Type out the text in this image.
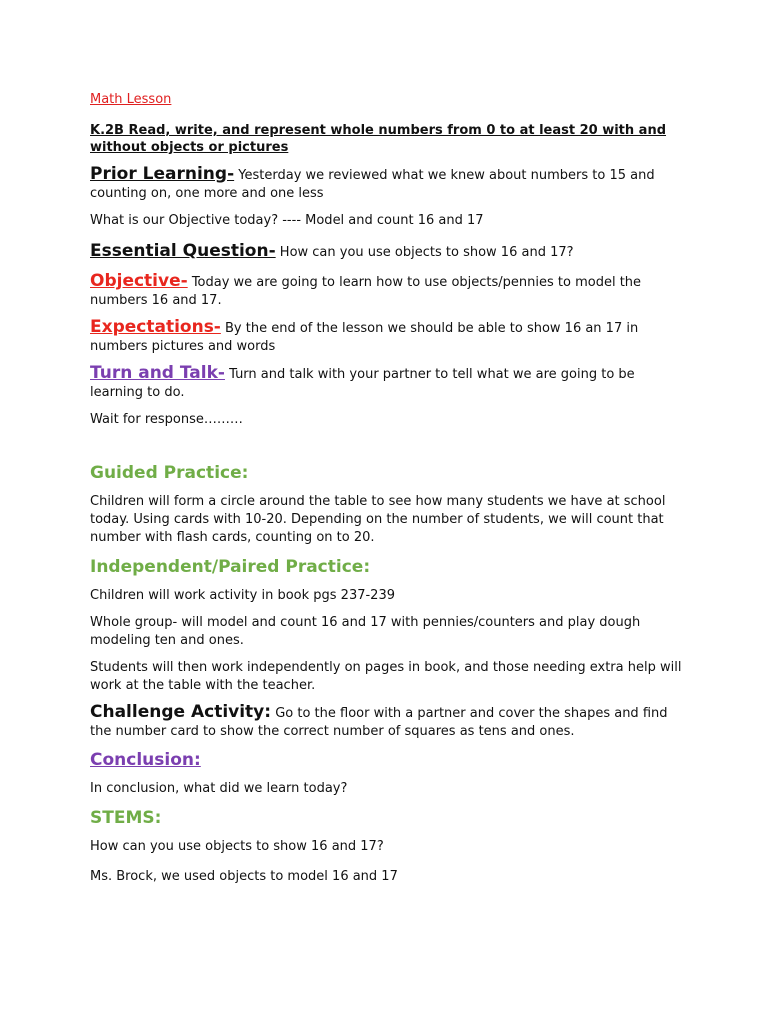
Math Lesson
K.2B Read, write, and represent whole numbers from 0 to at least 20 with and without objects or pictures

Prior Learning- Yesterday we reviewed what we knew about numbers to 15 and counting on, one more and one less

What is our Objective today? ---- Model and count 16 and 17

Essential Question- How can you use objects to show 16 and 17?

Objective- Today we are going to learn how to use objects/pennies to model the numbers 16 and 17.

Expectations- By the end of the lesson we should be able to show 16 an 17 in numbers pictures and words

Turn and Talk- Turn and talk with your partner to tell what we are going to be learning to do.

Wait for response………

Guided Practice:

Children will form a circle around the table to see how many students we have at school today. Using cards with 10-20. Depending on the number of students, we will count that number with flash cards, counting on to 20.

Independent/Paired Practice:

Children will work activity in book pgs 237-239

Whole group- will model and count 16 and 17 with pennies/counters and play dough modeling ten and ones.

Students will then work independently on pages in book, and those needing extra help will work at the table with the teacher.

Challenge Activity: Go to the floor with a partner and cover the shapes and find the number card to show the correct number of squares as tens and ones.

Conclusion:

In conclusion, what did we learn today?

STEMS:

How can you use objects to show 16 and 17?

Ms. Brock, we used objects to model 16 and 17
